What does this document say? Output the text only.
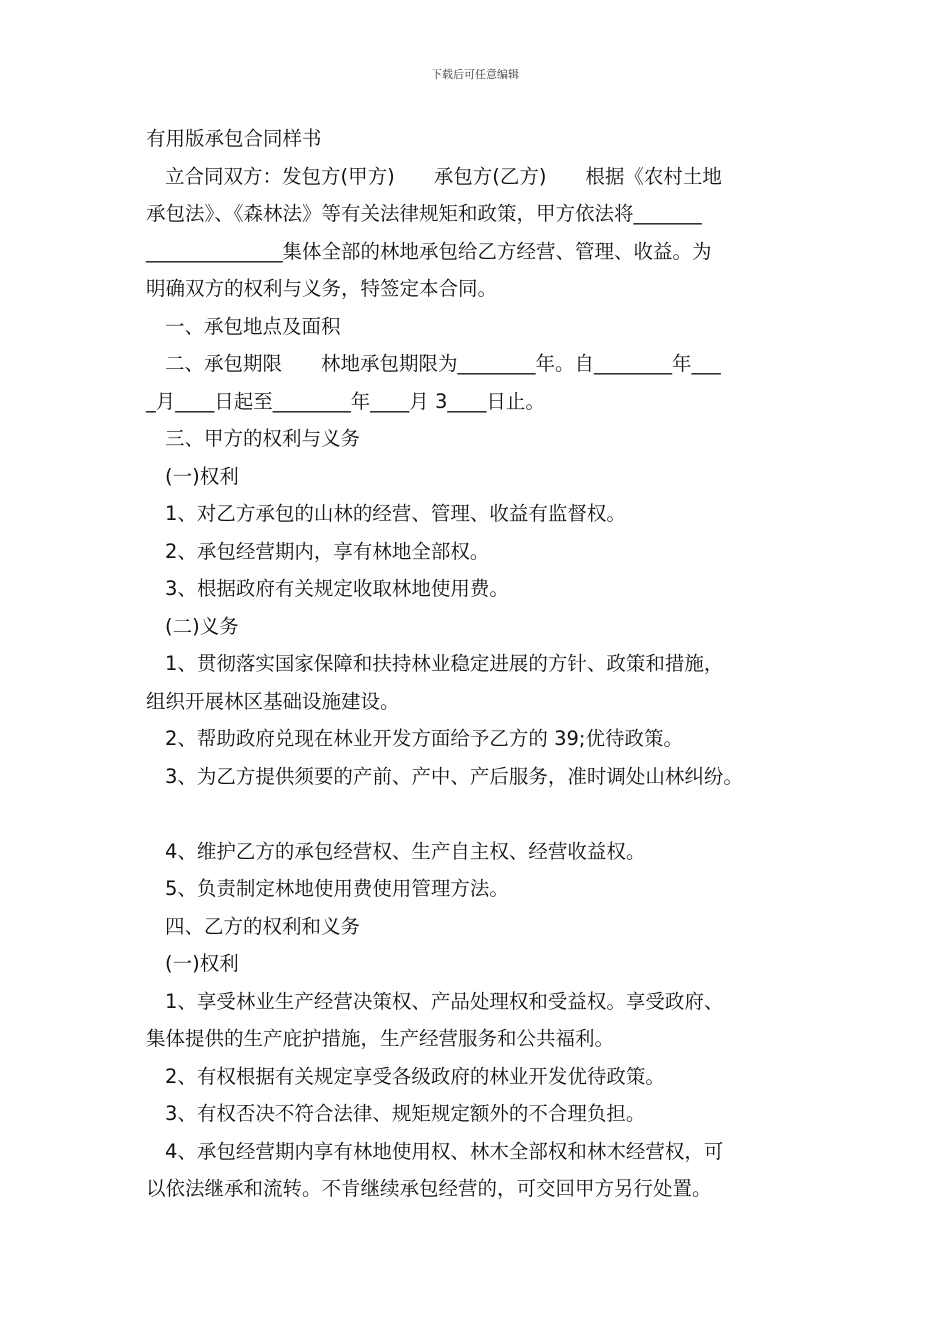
下载后可任意编辑
有用版承包合同样书
立合同双方：发包方(甲方)　　承包方(乙方)　　根据《农村土地
承包法》、《森林法》等有关法律规矩和政策，甲方依法将_______
______________集体全部的林地承包给乙方经营、管理、收益。为
明确双方的权利与义务，特签定本合同。
一、承包地点及面积
二、承包期限　　林地承包期限为________年。自________年___
_月____日起至________年____月 3____日止。
三、甲方的权利与义务
(一)权利
1、对乙方承包的山林的经营、管理、收益有监督权。
2、承包经营期内，享有林地全部权。
3、根据政府有关规定收取林地使用费。
(二)义务
1、贯彻落实国家保障和扶持林业稳定进展的方针、政策和措施，
组织开展林区基础设施建设。
2、帮助政府兑现在林业开发方面给予乙方的 39;优待政策。
3、为乙方提供须要的产前、产中、产后服务，准时调处山林纠纷。
4、维护乙方的承包经营权、生产自主权、经营收益权。
5、负责制定林地使用费使用管理方法。
四、乙方的权利和义务
(一)权利
1、享受林业生产经营决策权、产品处理权和受益权。享受政府、
集体提供的生产庇护措施，生产经营服务和公共福利。
2、有权根据有关规定享受各级政府的林业开发优待政策。
3、有权否决不符合法律、规矩规定额外的不合理负担。
4、承包经营期内享有林地使用权、林木全部权和林木经营权，可
以依法继承和流转。不肯继续承包经营的，可交回甲方另行处置。
